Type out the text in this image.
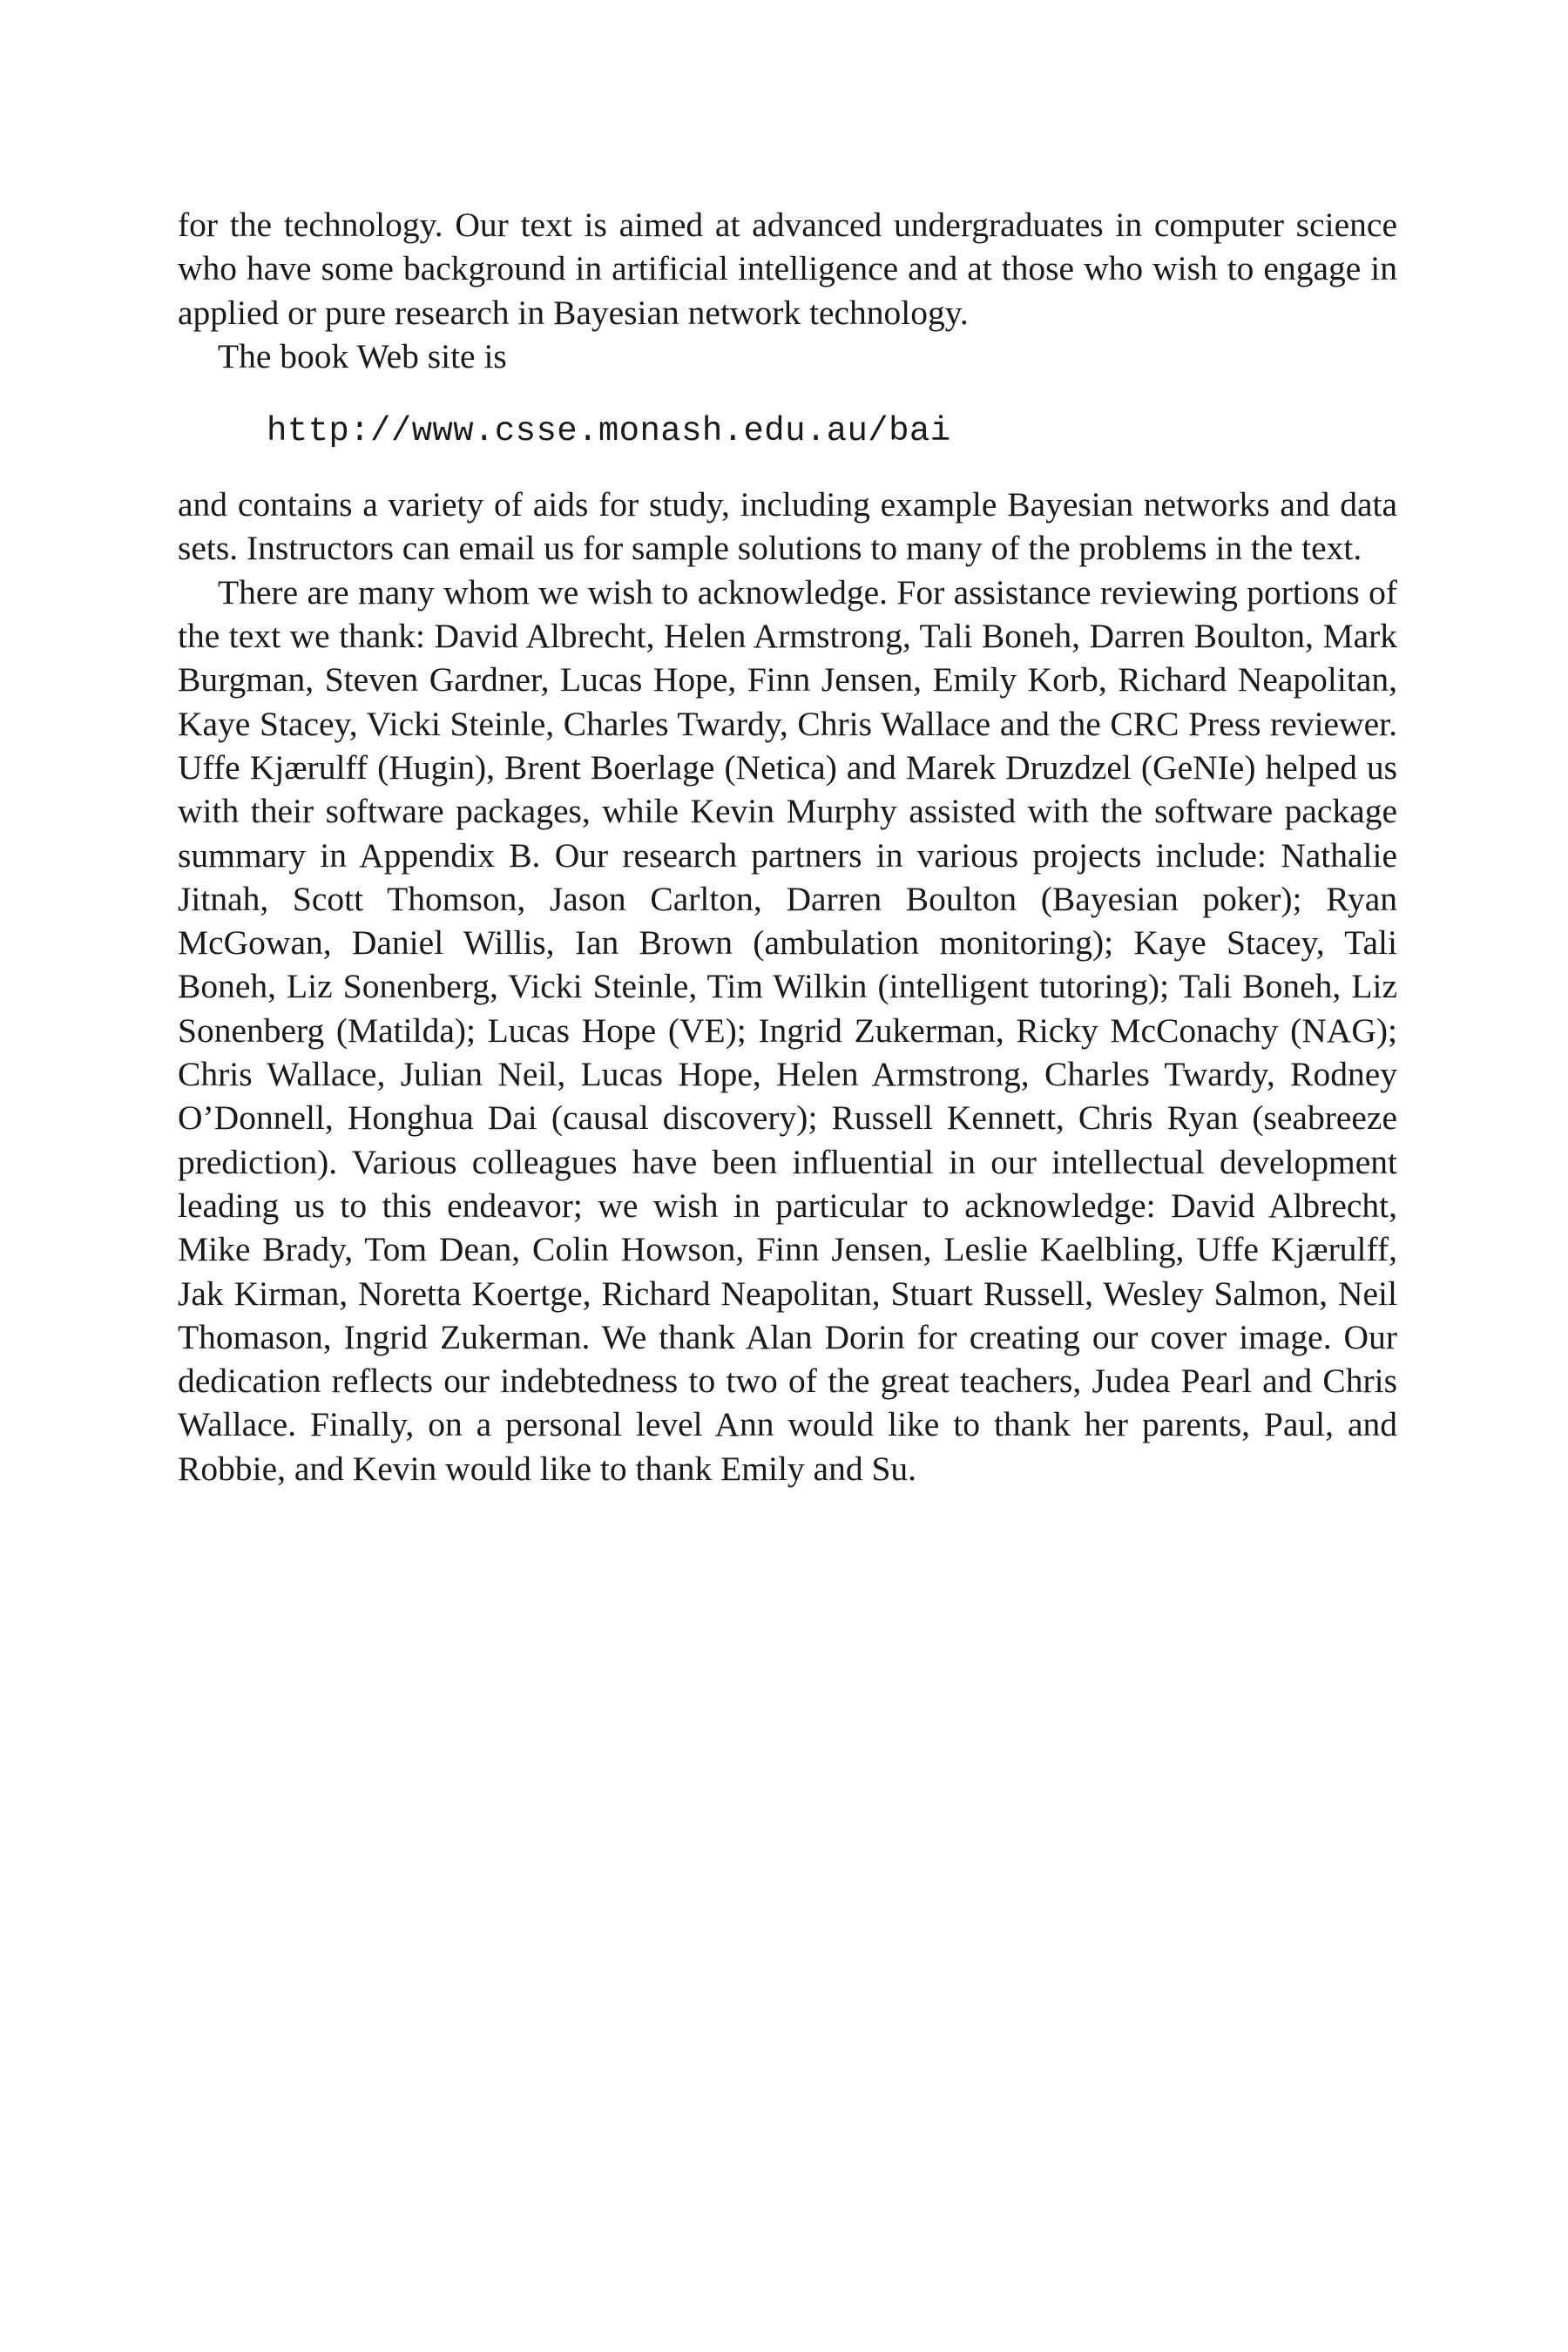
for the technology. Our text is aimed at advanced undergraduates in computer science who have some background in artificial intelligence and at those who wish to engage in applied or pure research in Bayesian network technology.

The book Web site is

http://www.csse.monash.edu.au/bai

and contains a variety of aids for study, including example Bayesian networks and data sets. Instructors can email us for sample solutions to many of the problems in the text.

There are many whom we wish to acknowledge. For assistance reviewing portions of the text we thank: David Albrecht, Helen Armstrong, Tali Boneh, Darren Boulton, Mark Burgman, Steven Gardner, Lucas Hope, Finn Jensen, Emily Korb, Richard Neapolitan, Kaye Stacey, Vicki Steinle, Charles Twardy, Chris Wallace and the CRC Press reviewer. Uffe Kjærulff (Hugin), Brent Boerlage (Netica) and Marek Druzdzel (GeNIe) helped us with their software packages, while Kevin Murphy assisted with the software package summary in Appendix B. Our research partners in various projects include: Nathalie Jitnah, Scott Thomson, Jason Carlton, Darren Boulton (Bayesian poker); Ryan McGowan, Daniel Willis, Ian Brown (ambulation monitoring); Kaye Stacey, Tali Boneh, Liz Sonenberg, Vicki Steinle, Tim Wilkin (intelligent tutoring); Tali Boneh, Liz Sonenberg (Matilda); Lucas Hope (VE); Ingrid Zukerman, Ricky McConachy (NAG); Chris Wallace, Julian Neil, Lucas Hope, Helen Armstrong, Charles Twardy, Rodney O’Donnell, Honghua Dai (causal discovery); Russell Kennett, Chris Ryan (seabreeze prediction). Various colleagues have been influential in our intellectual development leading us to this endeavor; we wish in particular to acknowledge: David Albrecht, Mike Brady, Tom Dean, Colin Howson, Finn Jensen, Leslie Kaelbling, Uffe Kjærulff, Jak Kirman, Noretta Koertge, Richard Neapolitan, Stuart Russell, Wesley Salmon, Neil Thomason, Ingrid Zukerman. We thank Alan Dorin for creating our cover image. Our dedication reflects our indebtedness to two of the great teachers, Judea Pearl and Chris Wallace. Finally, on a personal level Ann would like to thank her parents, Paul, and Robbie, and Kevin would like to thank Emily and Su.
